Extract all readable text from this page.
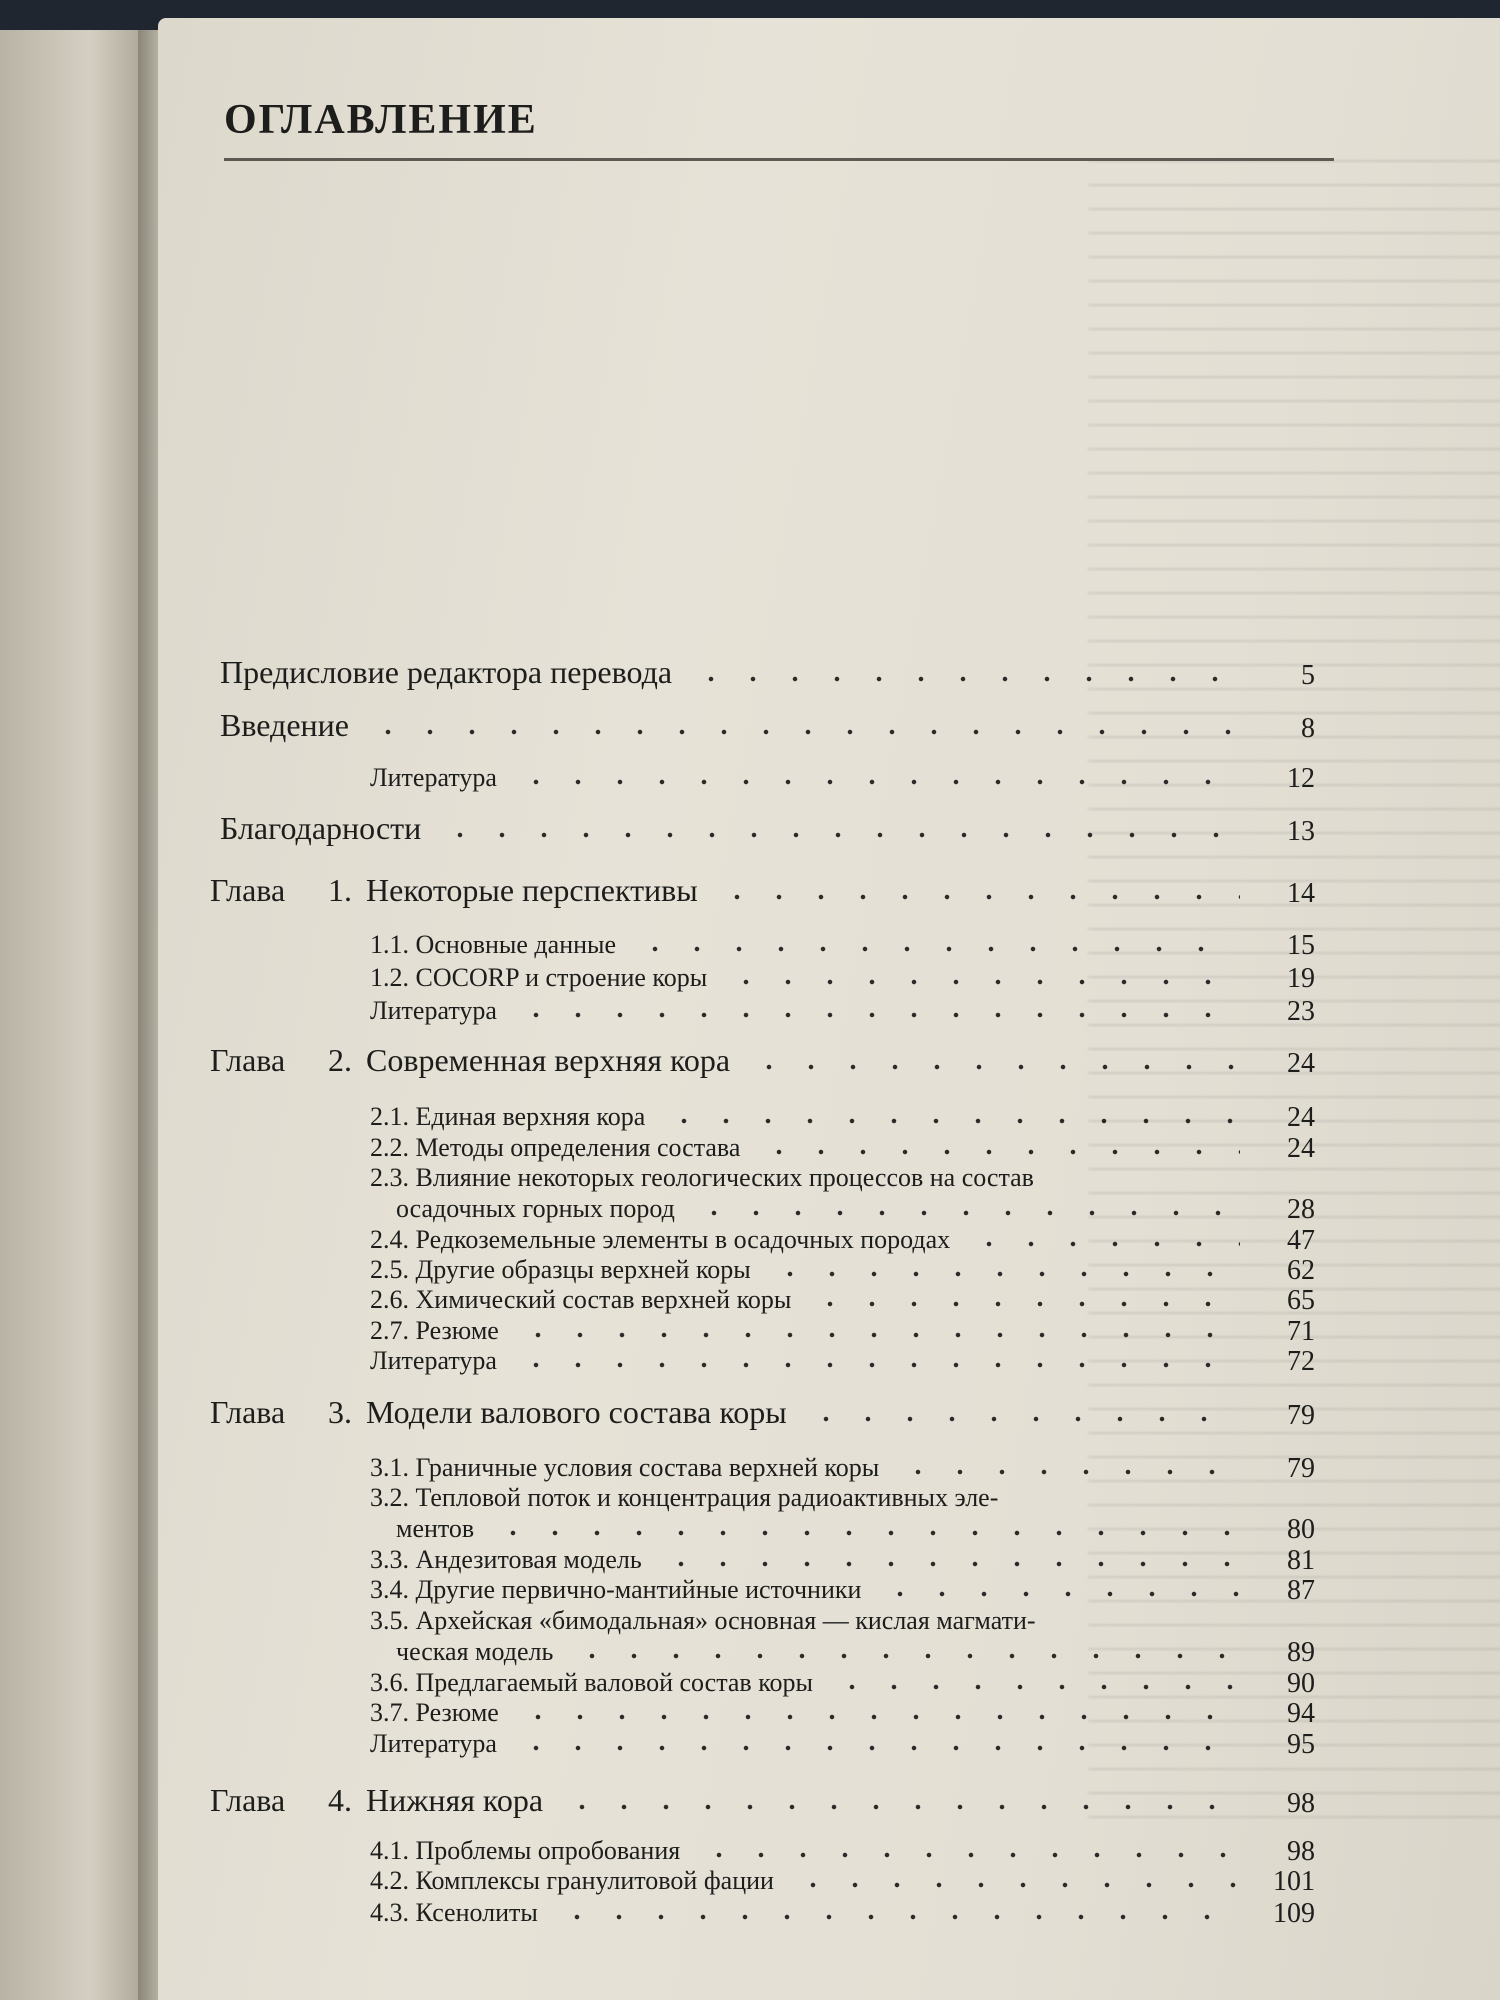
ОГЛАВЛЕНИЕ
Предисловие редактора перевода	5
Введение	8
Литература	12
Благодарности	13
Глава 1. Некоторые перспективы	14
1.1. Основные данные	15
1.2. COCORP и строение коры	19
Литература	23
Глава 2. Современная верхняя кора	24
2.1. Единая верхняя кора	24
2.2. Методы определения состава	24
2.3. Влияние некоторых геологических процессов на состав
осадочных горных пород	28
2.4. Редкоземельные элементы в осадочных породах	47
2.5. Другие образцы верхней коры	62
2.6. Химический состав верхней коры	65
2.7. Резюме	71
Литература	72
Глава 3. Модели валового состава коры	79
3.1. Граничные условия состава верхней коры	79
3.2. Тепловой поток и концентрация радиоактивных эле-
ментов	80
3.3. Андезитовая модель	81
3.4. Другие первично-мантийные источники	87
3.5. Архейская «бимодальная» основная — кислая магмати-
ческая модель	89
3.6. Предлагаемый валовой состав коры	90
3.7. Резюме	94
Литература	95
Глава 4. Нижняя кора	98
4.1. Проблемы опробования	98
4.2. Комплексы гранулитовой фации	101
4.3. Ксенолиты	109
